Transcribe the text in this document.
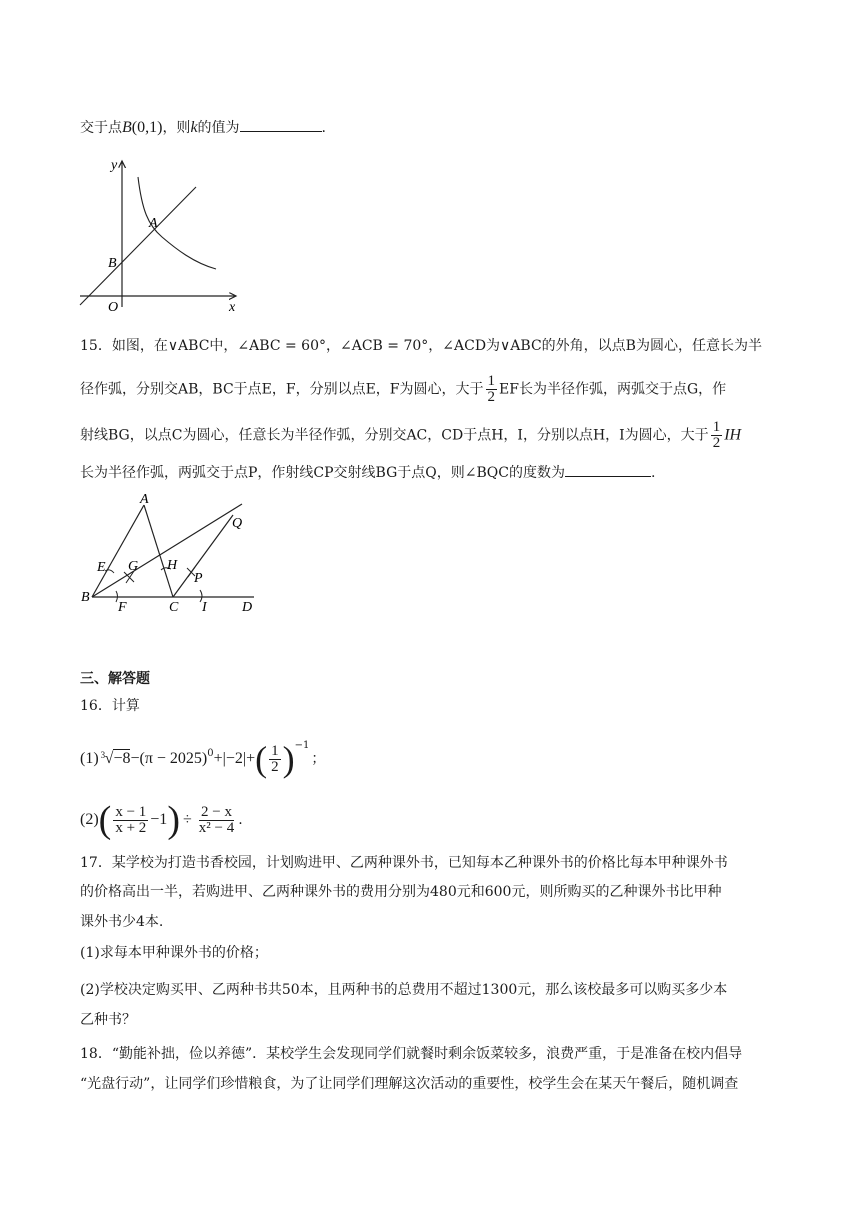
交于点B(0,1)，则k的值为	.
y
x
O
A
B
15．如图，在∨ABC中，∠ABC = 60°，∠ACB = 70°，∠ACD为∨ABC的外角，以点B为圆心，任意长为半
径作弧，分别交AB，BC于点E，F，分别以点E，F为圆心，大于 $\frac{1}{2}$ EF长为半径作弧，两弧交于点G，作
射线BG，以点C为圆心，任意长为半径作弧，分别交AC，CD于点H，I，分别以点H，I为圆心，大于 $\frac{1}{2}$ IH
长为半径作弧，两弧交于点P，作射线CP交射线BG于点Q，则∠BQC的度数为	.
A
B
C	D
E
F
G H
I
P
Q
三、解答题
16．计算
(1) 3 $√-8 -(\pi - 2025)^0 +|-2|+$ ( $\frac{1}{2} )^{-1}$
；
(2) ( $\frac{x - 1}{x + 2} -1$ ) ÷ $\frac{2 - x}{\text{x² − 4}}$ .
17．某学校为打造书香校园，计划购进甲、乙两种课外书，已知每本乙种课外书的价格比每本甲种课外书
的价格高出一半，若购进甲、乙两种课外书的费用分别为480元和600元，则所购买的乙种课外书比甲种
课外书少4本.
(1)求每本甲种课外书的价格；
(2)学校决定购买甲、乙两种书共50本，且两种书的总费用不超过1300元，那么该校最多可以购买多少本
乙种书？
18．“勤能补拙，俭以养德”．某校学生会发现同学们就餐时剩余饭菜较多，浪费严重，于是准备在校内倡导
“光盘行动”，让同学们珍惜粮食，为了让同学们理解这次活动的重要性，校学生会在某天午餐后，随机调查
